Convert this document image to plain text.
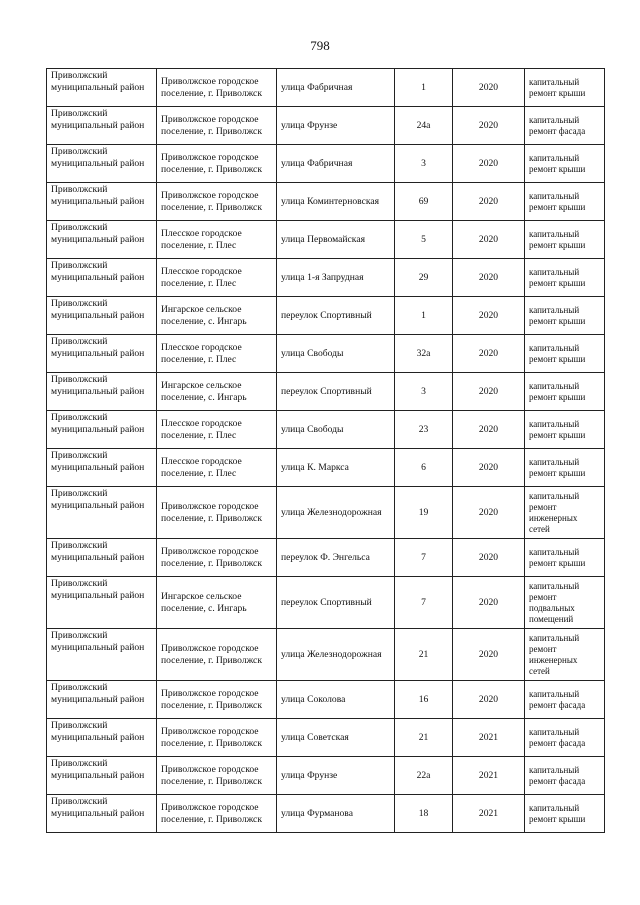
798
Приволжский муниципальный район	Приволжское городское поселение, г. Приволжск	улица Фабричная	1	2020	капитальный ремонт крыши
Приволжский муниципальный район	Приволжское городское поселение, г. Приволжск	улица Фрунзе	24а	2020	капитальный ремонт фасада
Приволжский муниципальный район	Приволжское городское поселение, г. Приволжск	улица Фабричная	3	2020	капитальный ремонт крыши
Приволжский муниципальный район	Приволжское городское поселение, г. Приволжск	улица Коминтерновская	69	2020	капитальный ремонт крыши
Приволжский муниципальный район	Плесское городское поселение, г. Плес	улица Первомайская	5	2020	капитальный ремонт крыши
Приволжский муниципальный район	Плесское городское поселение, г. Плес	улица 1-я Запрудная	29	2020	капитальный ремонт крыши
Приволжский муниципальный район	Ингарское сельское поселение, с. Ингарь	переулок Спортивный	1	2020	капитальный ремонт крыши
Приволжский муниципальный район	Плесское городское поселение, г. Плес	улица Свободы	32а	2020	капитальный ремонт крыши
Приволжский муниципальный район	Ингарское сельское поселение, с. Ингарь	переулок Спортивный	3	2020	капитальный ремонт крыши
Приволжский муниципальный район	Плесское городское поселение, г. Плес	улица Свободы	23	2020	капитальный ремонт крыши
Приволжский муниципальный район	Плесское городское поселение, г. Плес	улица К. Маркса	6	2020	капитальный ремонт крыши
Приволжский муниципальный район	Приволжское городское поселение, г. Приволжск	улица Железнодорожная	19	2020	капитальный ремонт инженерных сетей
Приволжский муниципальный район	Приволжское городское поселение, г. Приволжск	переулок Ф. Энгельса	7	2020	капитальный ремонт крыши
Приволжский муниципальный район	Ингарское сельское поселение, с. Ингарь	переулок Спортивный	7	2020	капитальный ремонт подвальных помещений
Приволжский муниципальный район	Приволжское городское поселение, г. Приволжск	улица Железнодорожная	21	2020	капитальный ремонт инженерных сетей
Приволжский муниципальный район	Приволжское городское поселение, г. Приволжск	улица Соколова	16	2020	капитальный ремонт фасада
Приволжский муниципальный район	Приволжское городское поселение, г. Приволжск	улица Советская	21	2021	капитальный ремонт фасада
Приволжский муниципальный район	Приволжское городское поселение, г. Приволжск	улица Фрунзе	22а	2021	капитальный ремонт фасада
Приволжский муниципальный район	Приволжское городское поселение, г. Приволжск	улица Фурманова	18	2021	капитальный ремонт крыши
